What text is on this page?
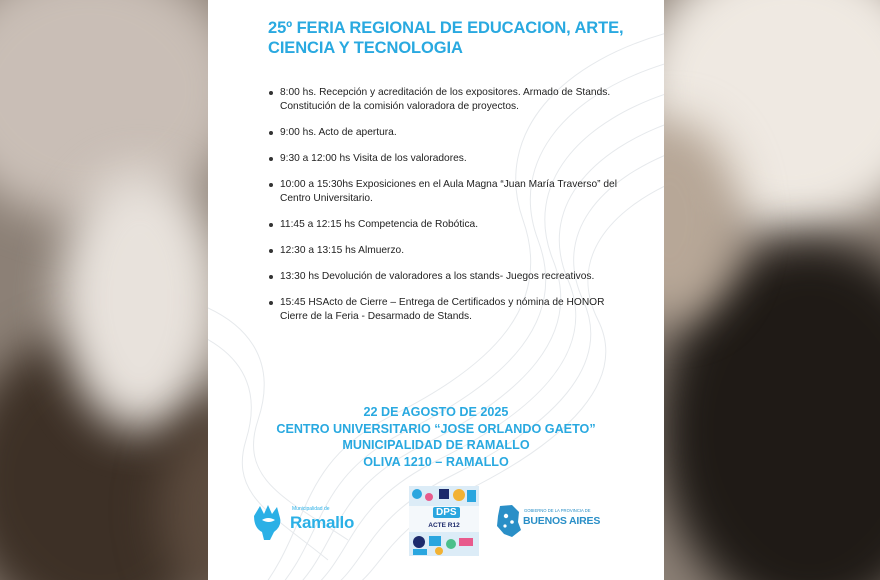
25º FERIA REGIONAL DE EDUCACION, ARTE, CIENCIA Y TECNOLOGIA
8:00 hs. Recepción y acreditación de los expositores. Armado de Stands.
Constitución de la comisión valoradora de proyectos.
9:00 hs. Acto de apertura.
9:30 a 12:00 hs Visita de los valoradores.
10:00 a 15:30hs Exposiciones en el Aula Magna “Juan María Traverso” del Centro Universitario.
11:45 a 12:15 hs Competencia de Robótica.
12:30 a 13:15 hs Almuerzo.
13:30 hs Devolución de valoradores a los stands- Juegos recreativos.
15:45 HSActo de Cierre – Entrega de Certificados y nómina de HONOR Cierre de la Feria - Desarmado de Stands.
22 DE AGOSTO DE 2025
CENTRO UNIVERSITARIO “JOSE ORLANDO GAETO”
MUNICIPALIDAD DE RAMALLO
OLIVA 1210 – RAMALLO
Municipalidad de
Ramallo
DPS
ACTE R12
GOBIERNO DE LA PROVINCIA DE
BUENOS AIRES
